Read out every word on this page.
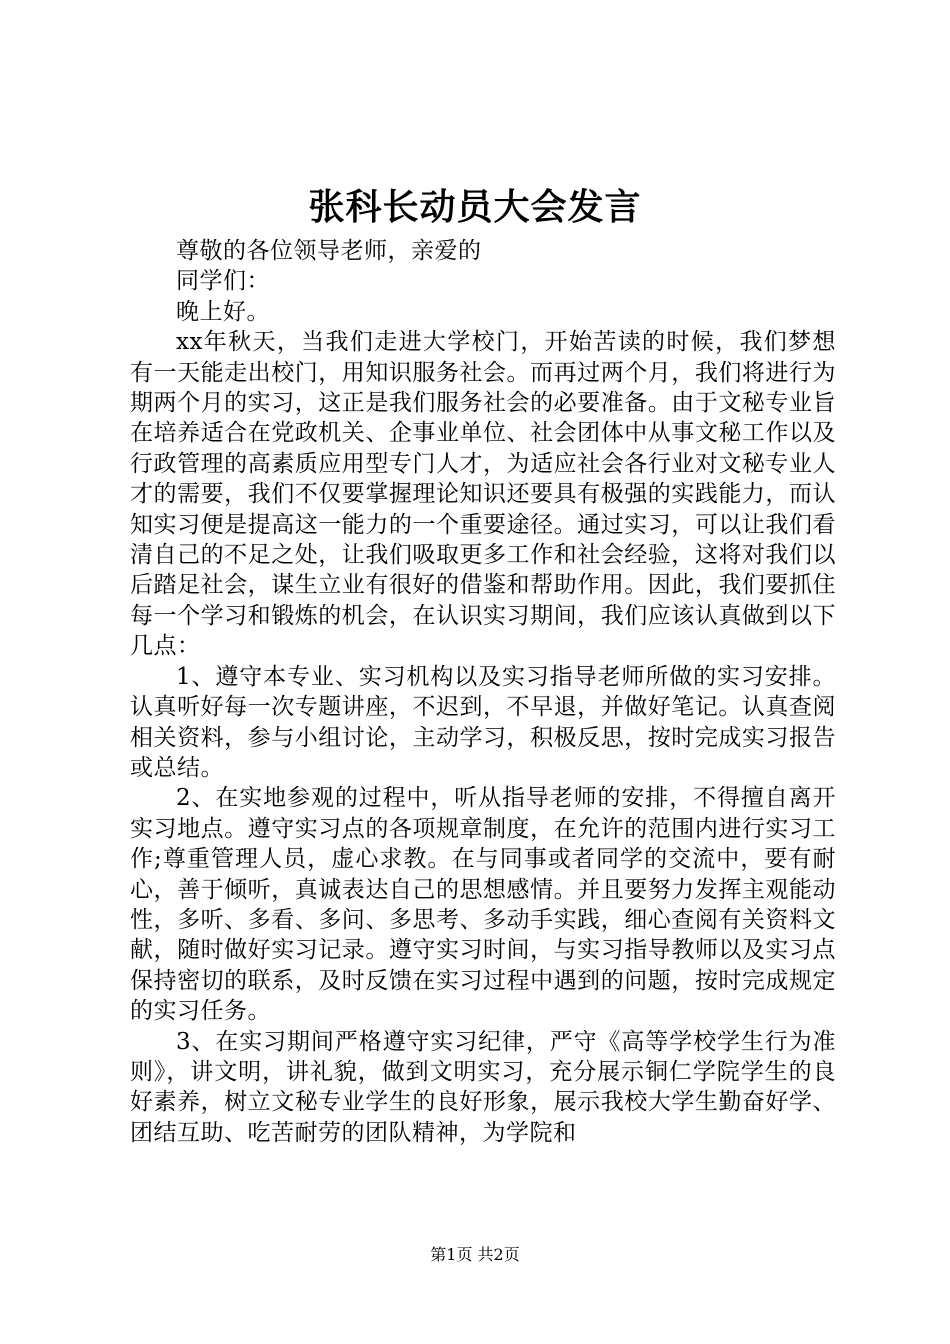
张科长动员大会发言

尊敬的各位领导老师，亲爱的

同学们：

晚上好。

xx年秋天，当我们走进大学校门，开始苦读的时候，我们梦想有一天能走出校门，用知识服务社会。而再过两个月，我们将进行为期两个月的实习，这正是我们服务社会的必要准备。由于文秘专业旨在培养适合在党政机关、企事业单位、社会团体中从事文秘工作以及行政管理的高素质应用型专门人才，为适应社会各行业对文秘专业人才的需要，我们不仅要掌握理论知识还要具有极强的实践能力，而认知实习便是提高这一能力的一个重要途径。通过实习，可以让我们看清自己的不足之处，让我们吸取更多工作和社会经验，这将对我们以后踏足社会，谋生立业有很好的借鉴和帮助作用。因此，我们要抓住每一个学习和锻炼的机会，在认识实习期间，我们应该认真做到以下几点：

1、遵守本专业、实习机构以及实习指导老师所做的实习安排。认真听好每一次专题讲座，不迟到，不早退，并做好笔记。认真查阅相关资料，参与小组讨论，主动学习，积极反思，按时完成实习报告或总结。

2、在实地参观的过程中，听从指导老师的安排，不得擅自离开实习地点。遵守实习点的各项规章制度，在允许的范围内进行实习工作;尊重管理人员，虚心求教。在与同事或者同学的交流中，要有耐心，善于倾听，真诚表达自己的思想感情。并且要努力发挥主观能动性，多听、多看、多问、多思考、多动手实践，细心查阅有关资料文献，随时做好实习记录。遵守实习时间，与实习指导教师以及实习点保持密切的联系，及时反馈在实习过程中遇到的问题，按时完成规定的实习任务。

3、在实习期间严格遵守实习纪律，严守《高等学校学生行为准则》，讲文明，讲礼貌，做到文明实习，充分展示铜仁学院学生的良好素养，树立文秘专业学生的良好形象，展示我校大学生勤奋好学、团结互助、吃苦耐劳的团队精神，为学院和

第1页 共2页
